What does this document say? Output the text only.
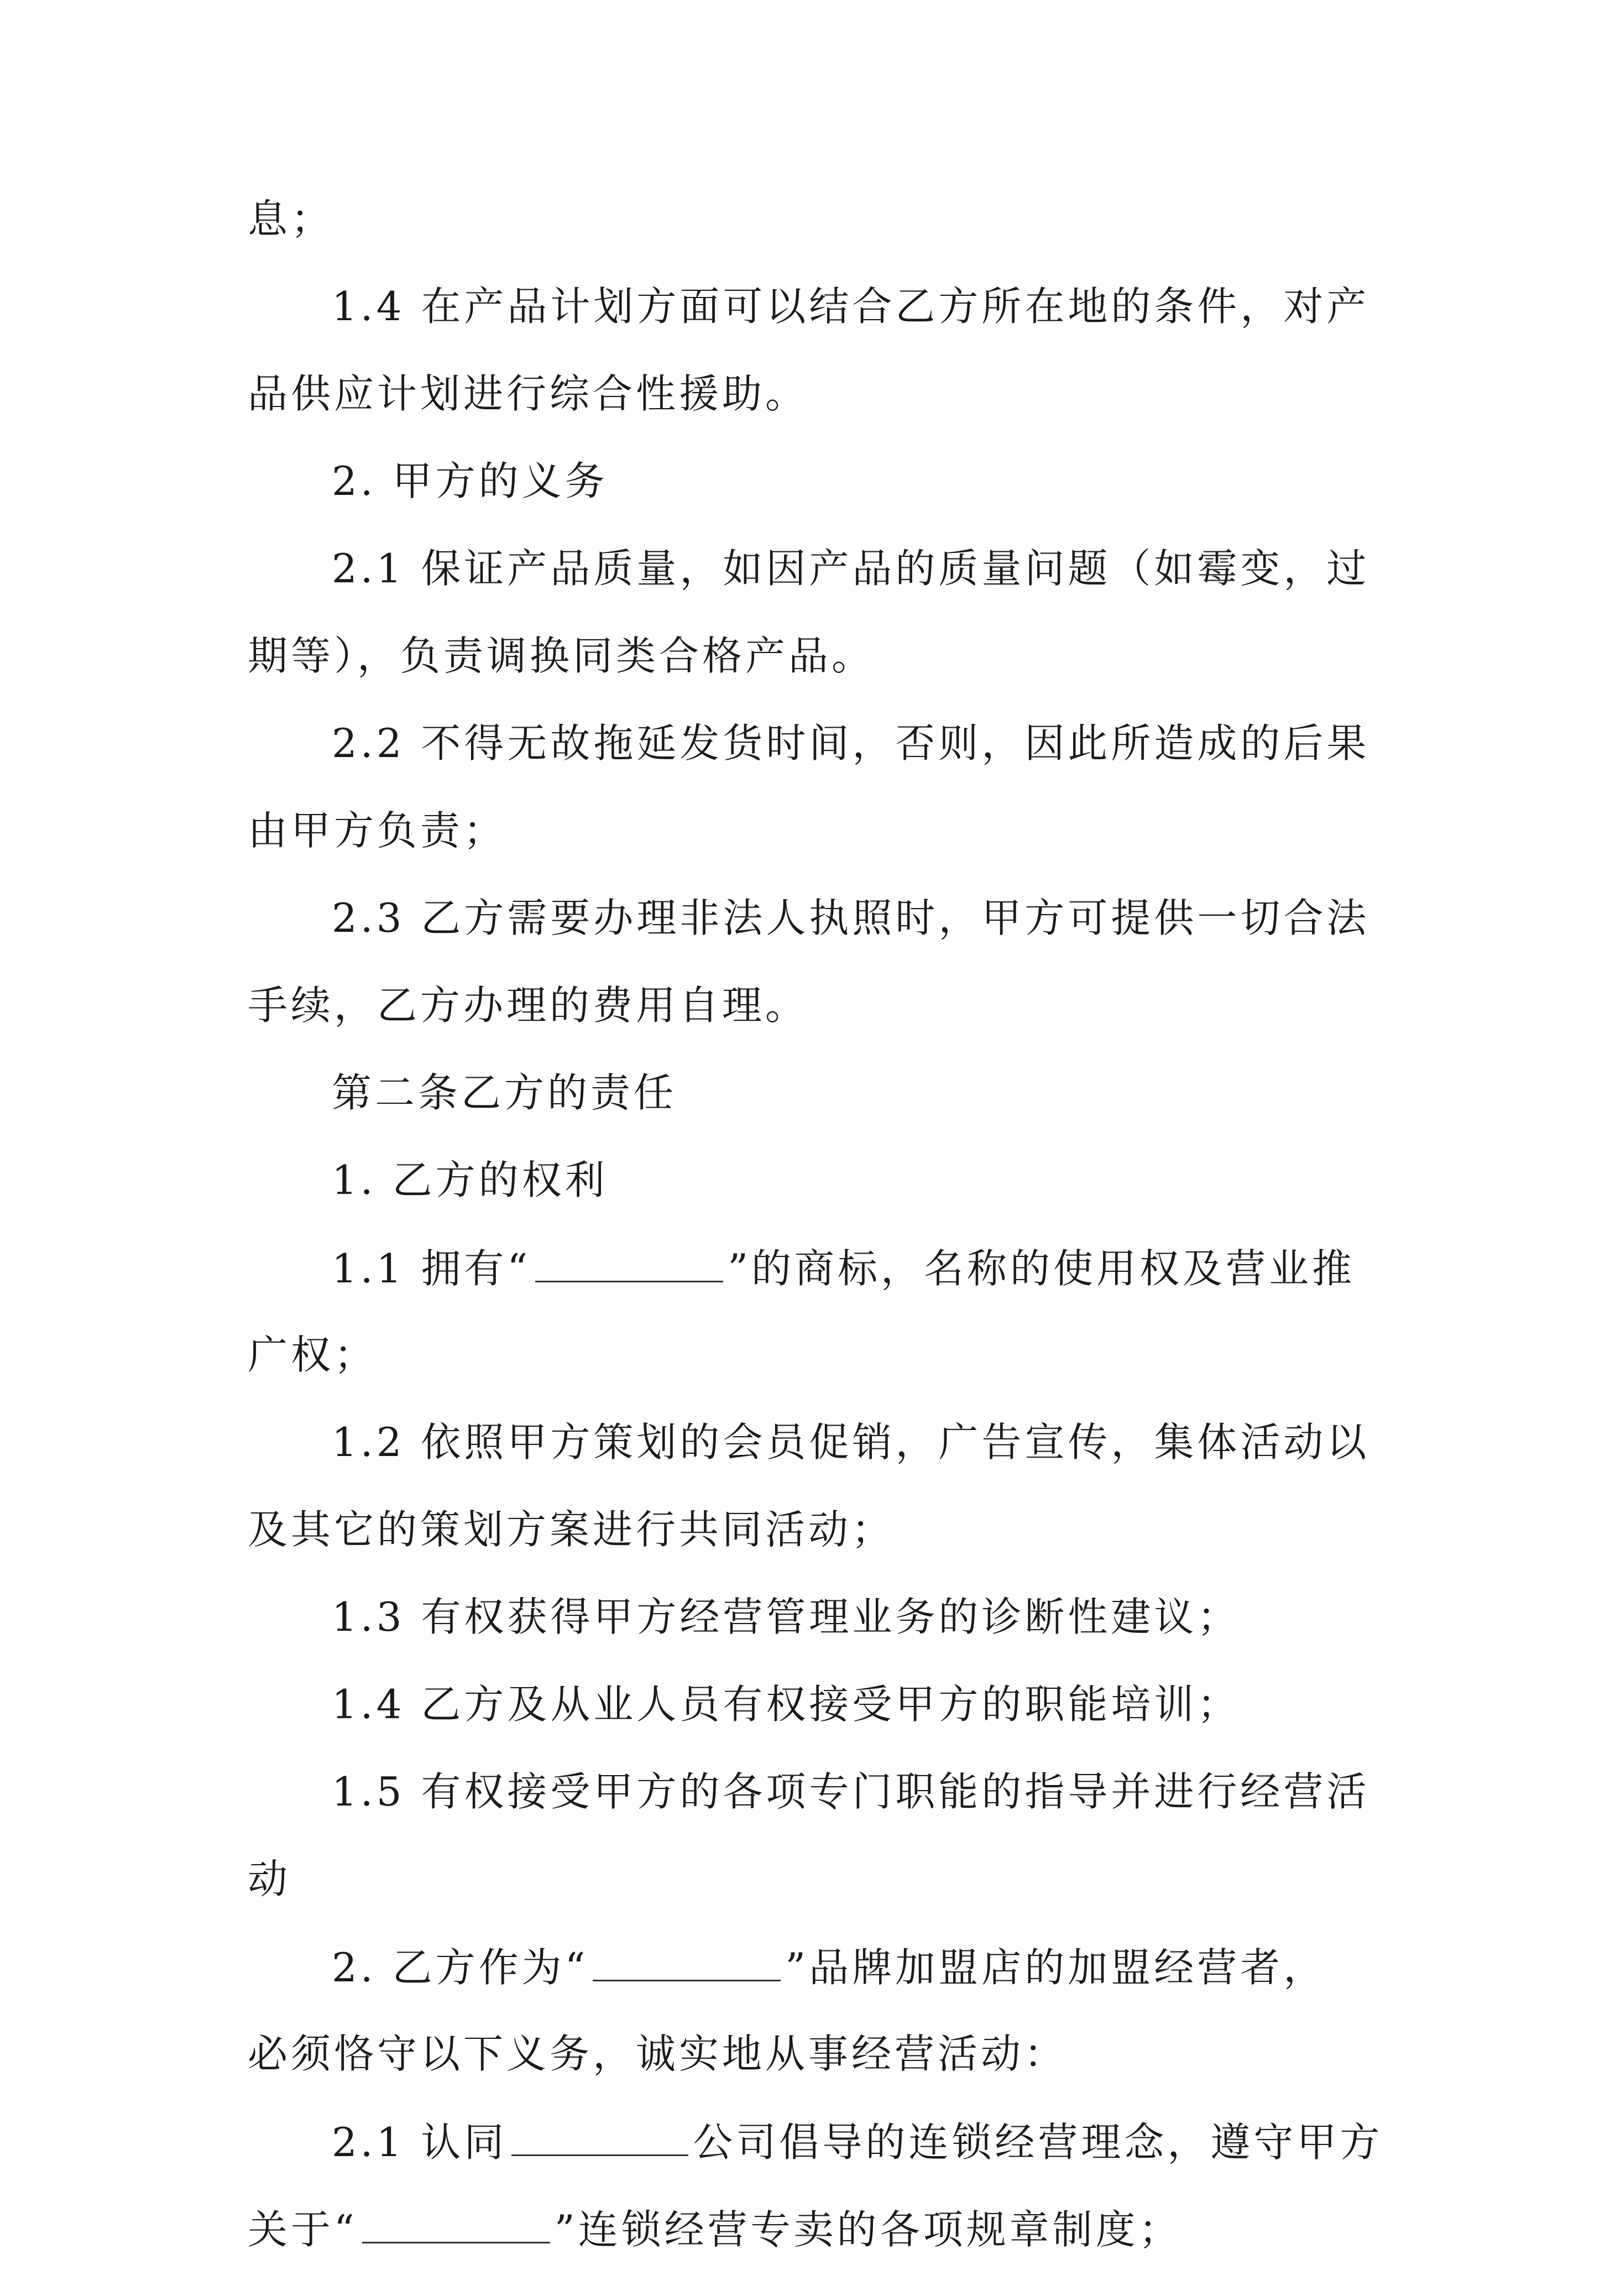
息；
1.4 在产品计划方面可以结合乙方所在地的条件，对产
品供应计划进行综合性援助。
2. 甲方的义务
2.1 保证产品质量，如因产品的质量问题（如霉变，过
期等），负责调换同类合格产品。
2.2 不得无故拖延发货时间，否则，因此所造成的后果
由甲方负责；
2.3 乙方需要办理非法人执照时，甲方可提供一切合法
手续，乙方办理的费用自理。
第二条乙方的责任
1. 乙方的权利
1.1 拥有“	”的商标，名称的使用权及营业推
广权；
1.2 依照甲方策划的会员促销，广告宣传，集体活动以
及其它的策划方案进行共同活动；
1.3 有权获得甲方经营管理业务的诊断性建议；
1.4 乙方及从业人员有权接受甲方的职能培训；
1.5 有权接受甲方的各项专门职能的指导并进行经营活
动
2. 乙方作为“	”品牌加盟店的加盟经营者，
必须恪守以下义务，诚实地从事经营活动：
2.1 认同	公司倡导的连锁经营理念，遵守甲方
关于“	”连锁经营专卖的各项规章制度；
